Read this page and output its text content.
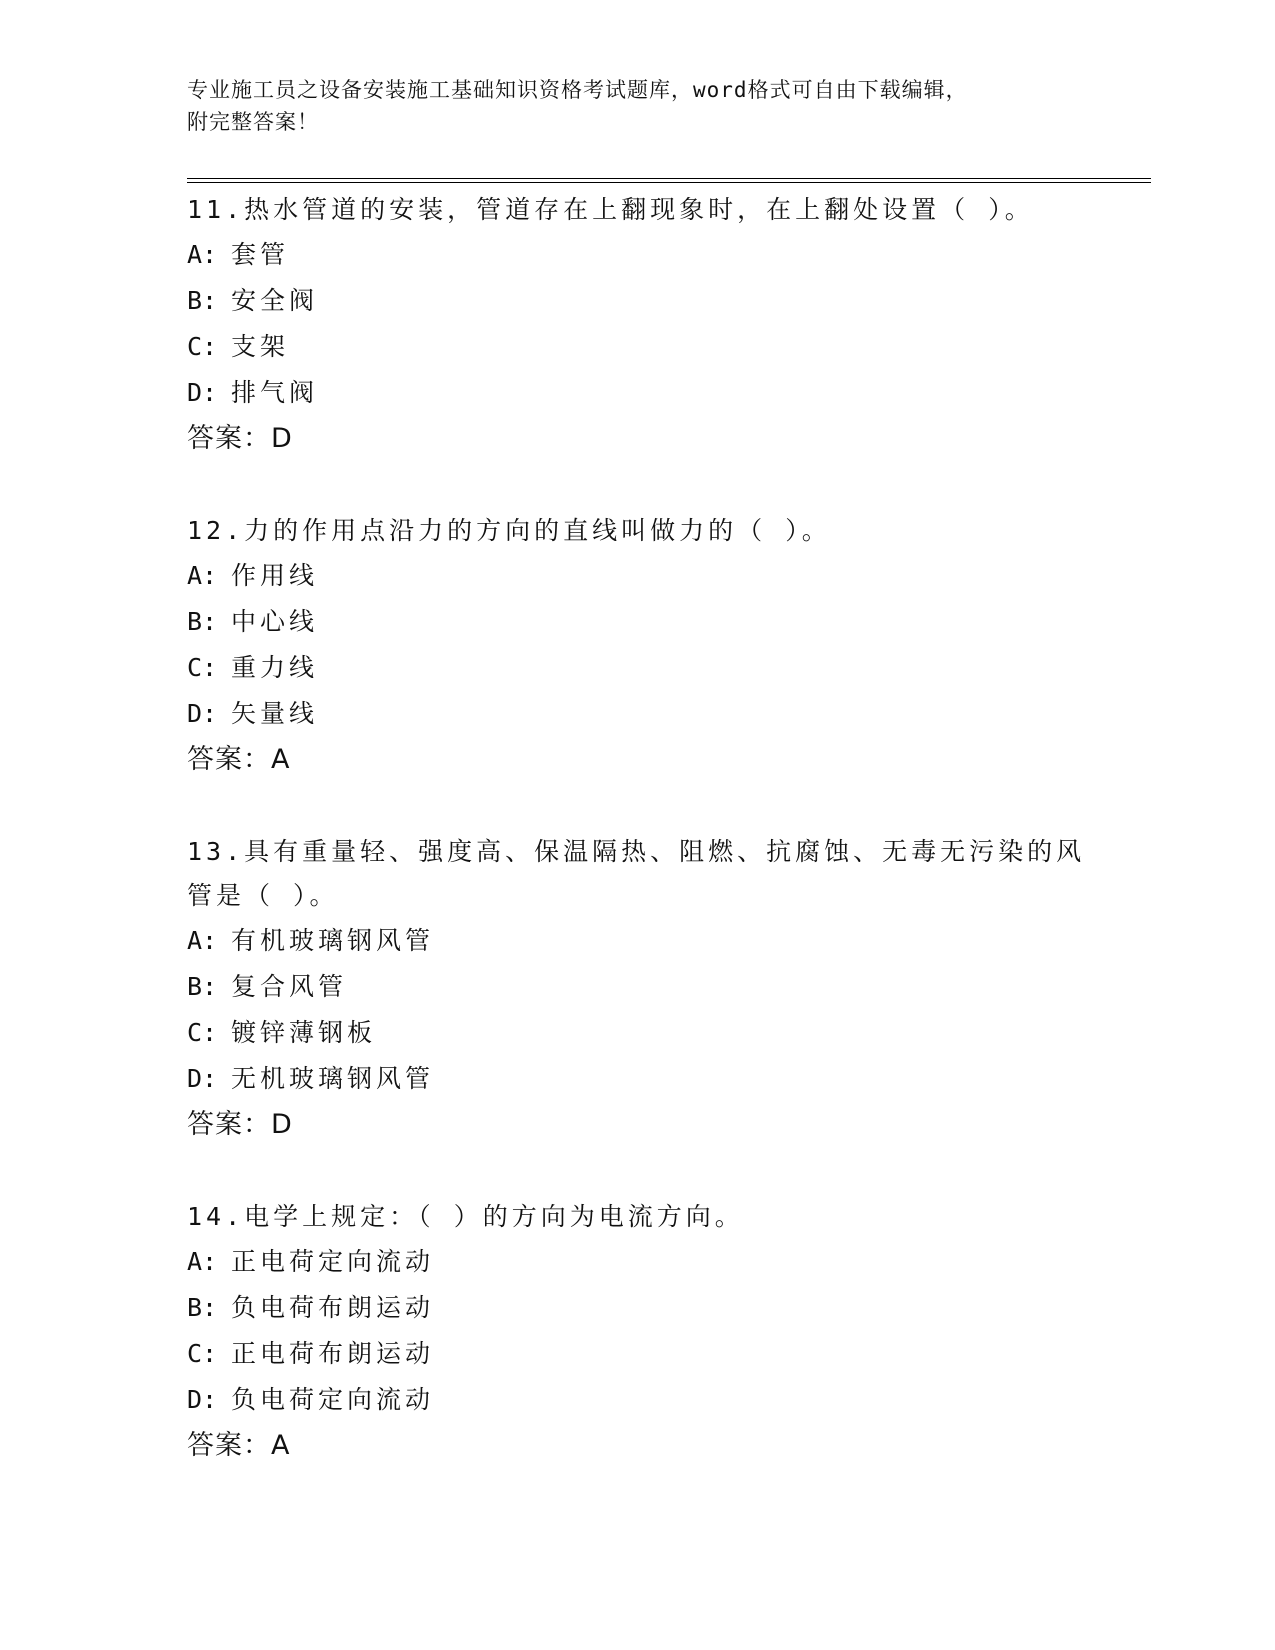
专业施工员之设备安装施工基础知识资格考试题库，word格式可自由下载编辑，
附完整答案！
11.热水管道的安装，管道存在上翻现象时，在上翻处设置（ ）。
A: 套管
B: 安全阀
C: 支架
D: 排气阀
答案：D
12.力的作用点沿力的方向的直线叫做力的（ ）。
A: 作用线
B: 中心线
C: 重力线
D: 矢量线
答案：A
13.具有重量轻、强度高、保温隔热、阻燃、抗腐蚀、无毒无污染的风管是（ ）。
A: 有机玻璃钢风管
B: 复合风管
C: 镀锌薄钢板
D: 无机玻璃钢风管
答案：D
14.电学上规定：（ ）的方向为电流方向。
A: 正电荷定向流动
B: 负电荷布朗运动
C: 正电荷布朗运动
D: 负电荷定向流动
答案：A
